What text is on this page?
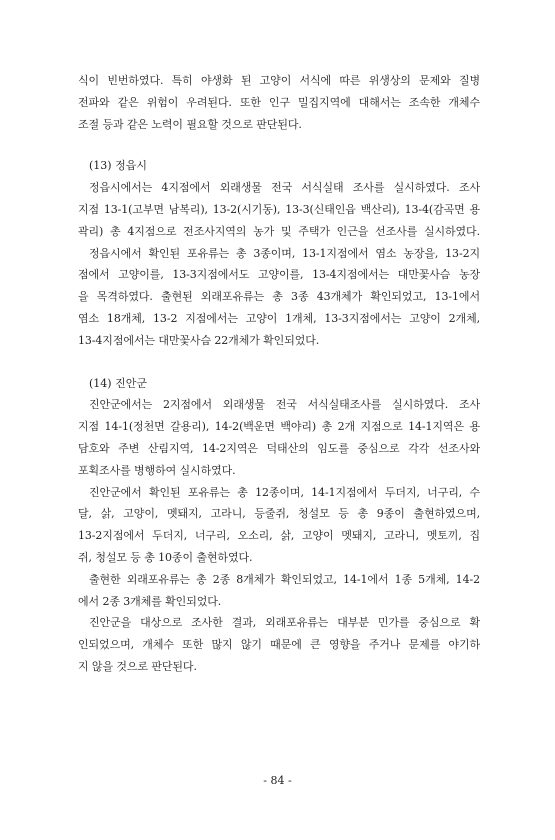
식이 빈번하였다. 특히 야생화 된 고양이 서식에 따른 위생상의 문제와 질병

전파와 같은 위험이 우려된다. 또한 인구 밀집지역에 대해서는 조속한 개체수

조절 등과 같은 노력이 필요할 것으로 판단된다.

(13) 정읍시

정읍시에서는 4지점에서 외래생물 전국 서식실태 조사를 실시하였다. 조사

지점 13-1(고부면 남복리), 13-2(시기동), 13-3(신태인읍 백산리), 13-4(감곡면 용

곽리) 총 4지점으로 전조사지역의 농가 및 주택가 인근을 선조사를 실시하였다.

정읍시에서 확인된 포유류는 총 3종이며, 13-1지점에서 염소 농장을, 13-2지

점에서 고양이를, 13-3지점에서도 고양이를, 13-4지점에서는 대만꽃사슴 농장

을 목격하였다. 출현된 외래포유류는 총 3종 43개체가 확인되었고, 13-1에서

염소 18개체, 13-2 지점에서는 고양이 1개체, 13-3지점에서는 고양이 2개체,

13-4지점에서는 대만꽃사슴 22개체가 확인되었다.

(14) 진안군

진안군에서는 2지점에서 외래생물 전국 서식실태조사를 실시하였다. 조사

지점 14-1(정천면 갈용리), 14-2(백운면 백야리) 총 2개 지점으로 14-1지역은 용

담호와 주변 산림지역, 14-2지역은 덕태산의 임도를 중심으로 각각 선조사와

포획조사를 병행하여 실시하였다.

진안군에서 확인된 포유류는 총 12종이며, 14-1지점에서 두더지, 너구리, 수

달, 삵, 고양이, 멧돼지, 고라니, 등줄쥐, 청설모 등 총 9종이 출현하였으며,

13-2지점에서 두더지, 너구리, 오소리, 삵, 고양이 멧돼지, 고라니, 멧토끼, 집

쥐, 청설모 등 총 10종이 출현하였다.

출현한 외래포유류는 총 2종 8개체가 확인되었고, 14-1에서 1종 5개체, 14-2

에서 2종 3개체를 확인되었다.

진안군을 대상으로 조사한 결과, 외래포유류는 대부분 민가를 중심으로 확

인되었으며, 개체수 또한 많지 않기 때문에 큰 영향을 주거나 문제를 야기하

지 않을 것으로 판단된다.

- 84 -
